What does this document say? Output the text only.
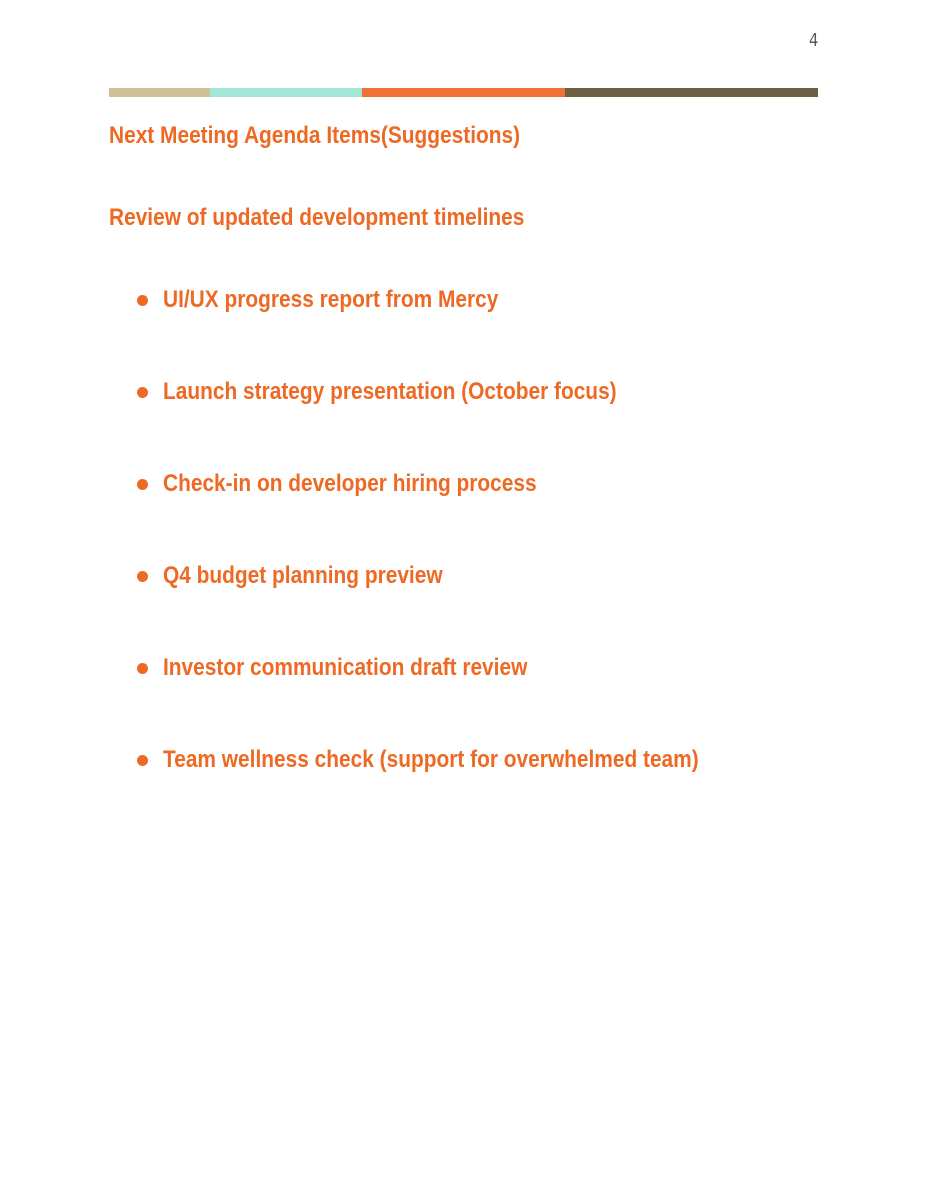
4
Next Meeting Agenda Items(Suggestions)
Review of updated development timelines
UI/UX progress report from Mercy
Launch strategy presentation (October focus)
Check-in on developer hiring process
Q4 budget planning preview
Investor communication draft review
Team wellness check (support for overwhelmed team)
